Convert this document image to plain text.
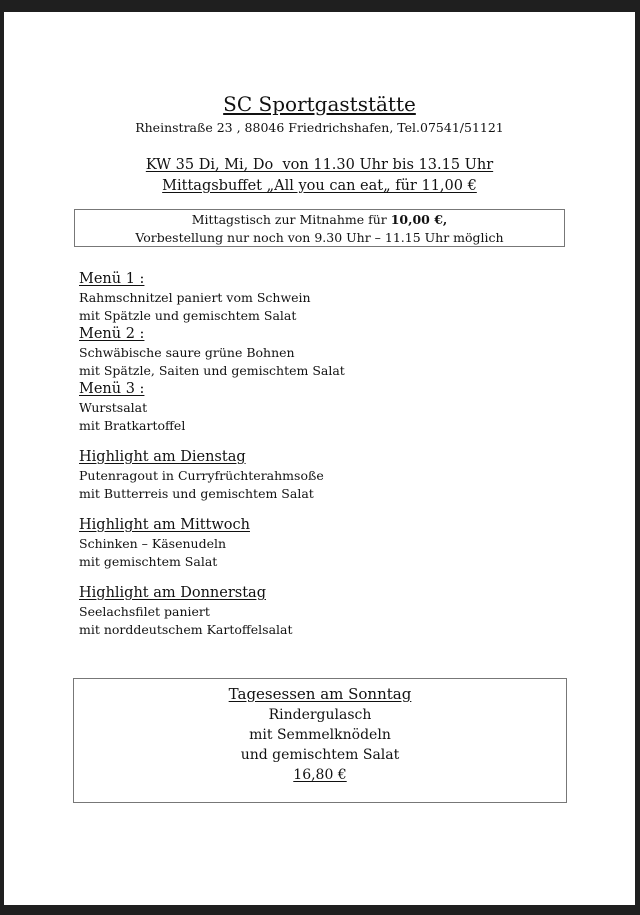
SC Sportgaststätte
Rheinstraße 23 , 88046 Friedrichshafen, Tel.07541/51121
KW 35 Di, Mi, Do  von 11.30 Uhr bis 13.15 Uhr
Mittagsbuffet „All you can eat„ für 11,00 €
Mittagstisch zur Mitnahme für 10,00 €,
Vorbestellung nur noch von 9.30 Uhr – 11.15 Uhr möglich
Menü 1 :
Rahmschnitzel paniert vom Schwein
mit Spätzle und gemischtem Salat
Menü 2 :
Schwäbische saure grüne Bohnen
mit Spätzle, Saiten und gemischtem Salat
Menü 3 :
Wurstsalat
mit Bratkartoffel
Highlight am Dienstag
Putenragout in Curryfrüchterahmsoße
mit Butterreis und gemischtem Salat
Highlight am Mittwoch
Schinken – Käsenudeln
mit gemischtem Salat
Highlight am Donnerstag
Seelachsfilet paniert
mit norddeutschem Kartoffelsalat
Tagesessen am Sonntag
Rindergulasch
mit Semmelknödeln
und gemischtem Salat
16,80 €
